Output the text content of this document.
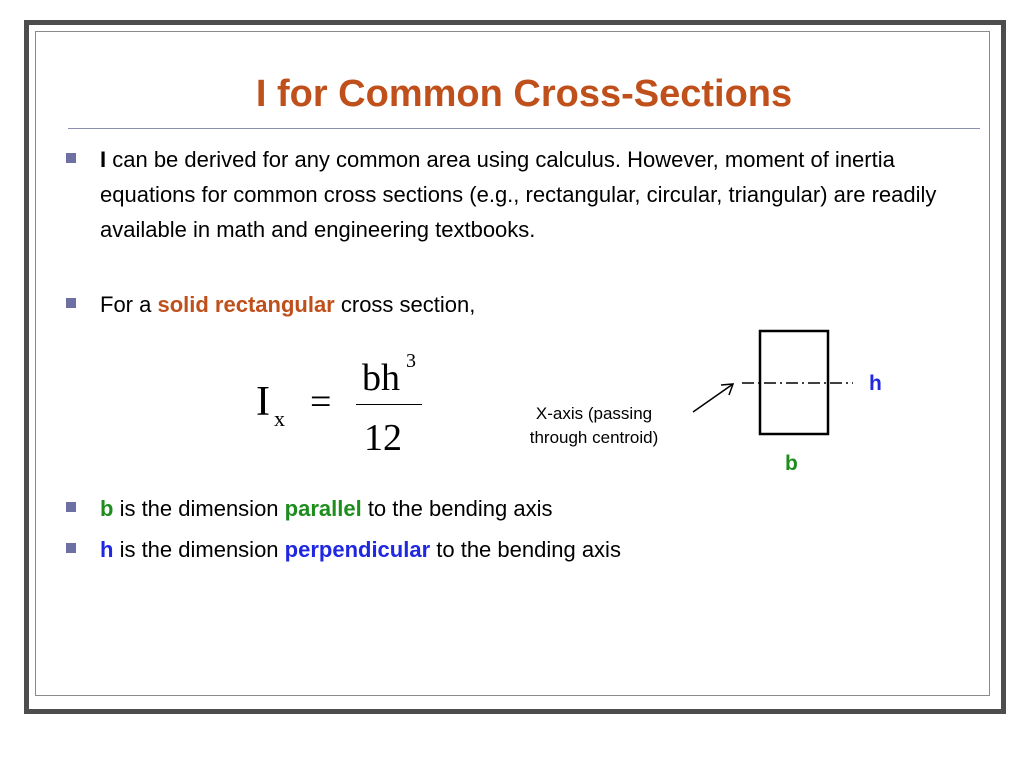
I for Common Cross-Sections
I can be derived for any common area using calculus. However, moment of inertia equations for common cross sections (e.g., rectangular, circular, triangular) are readily available in math and engineering textbooks.
For a solid rectangular cross section,
I x =
bh 3
12
X-axis (passing
through centroid)
h
b
b is the dimension parallel to the bending axis
h is the dimension perpendicular to the bending axis
